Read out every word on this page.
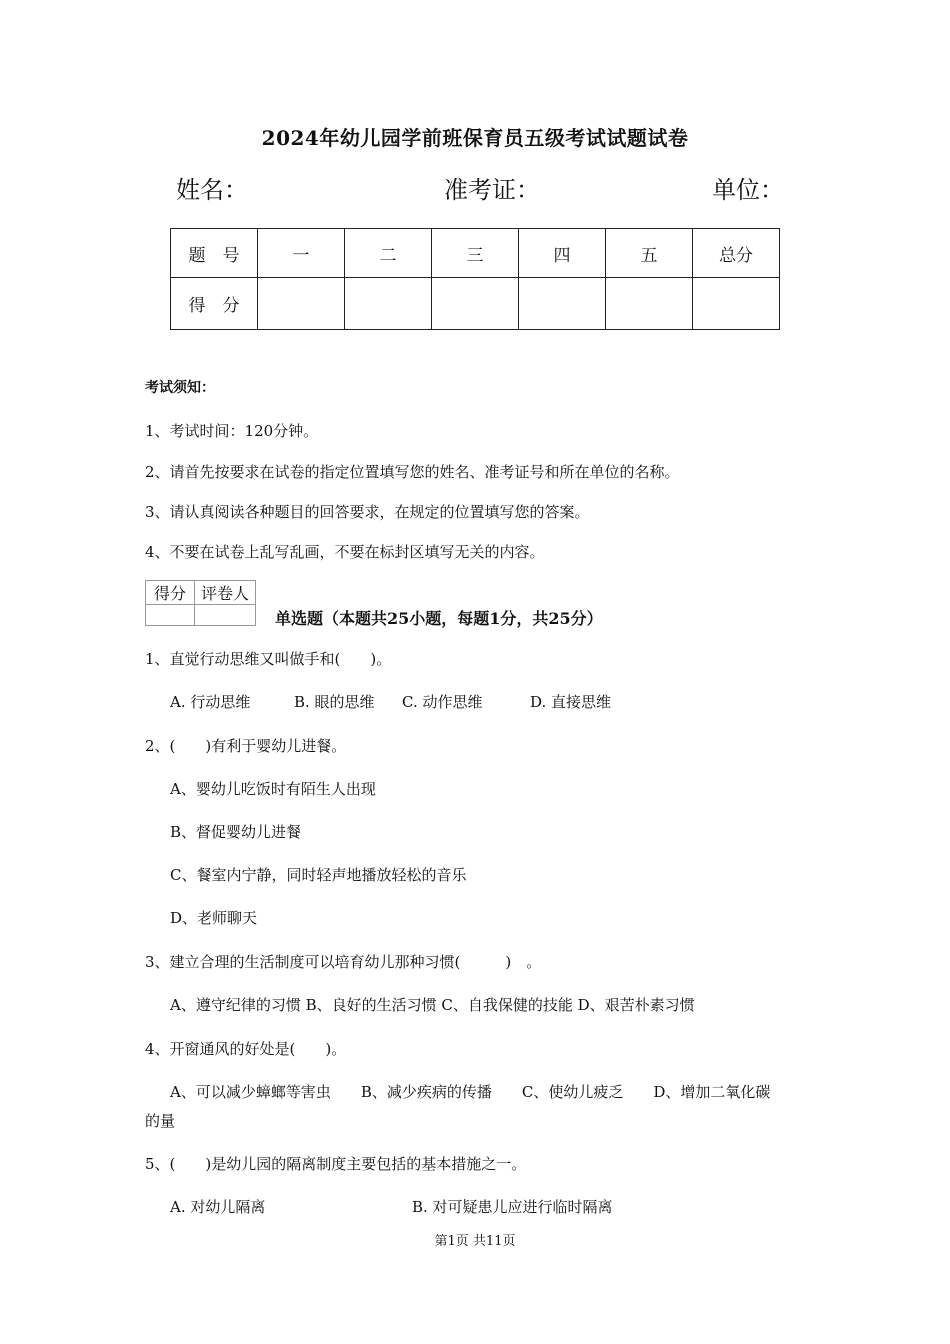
2024年幼儿园学前班保育员五级考试试题试卷
姓名：	准考证：	单位：
题　号	一	二	三	四	五	总分
得　分						
考试须知：
1、考试时间：120分钟。
2、请首先按要求在试卷的指定位置填写您的姓名、准考证号和所在单位的名称。
3、请认真阅读各种题目的回答要求，在规定的位置填写您的答案。
4、不要在试卷上乱写乱画，不要在标封区填写无关的内容。
得分	评卷人

单选题（本题共25小题，每题1分，共25分）
1、直觉行动思维又叫做手和(　　)。
A. 行动思维	B. 眼的思维 C. 动作思维	D. 直接思维
2、(　　)有利于婴幼儿进餐。
A、婴幼儿吃饭时有陌生人出现
B、督促婴幼儿进餐
C、餐室内宁静，同时轻声地播放轻松的音乐
D、老师聊天
3、建立合理的生活制度可以培育幼儿那种习惯(　　　)　。
A、遵守纪律的习惯 B、良好的生活习惯 C、自我保健的技能 D、艰苦朴素习惯
4、开窗通风的好处是(　　)。
A、可以减少蟑螂等害虫　　B、减少疾病的传播　　C、使幼儿疲乏　　D、增加二氧化碳
的量
5、(　　)是幼儿园的隔离制度主要包括的基本措施之一。
A. 对幼儿隔离	B. 对可疑患儿应进行临时隔离
第1页 共11页
